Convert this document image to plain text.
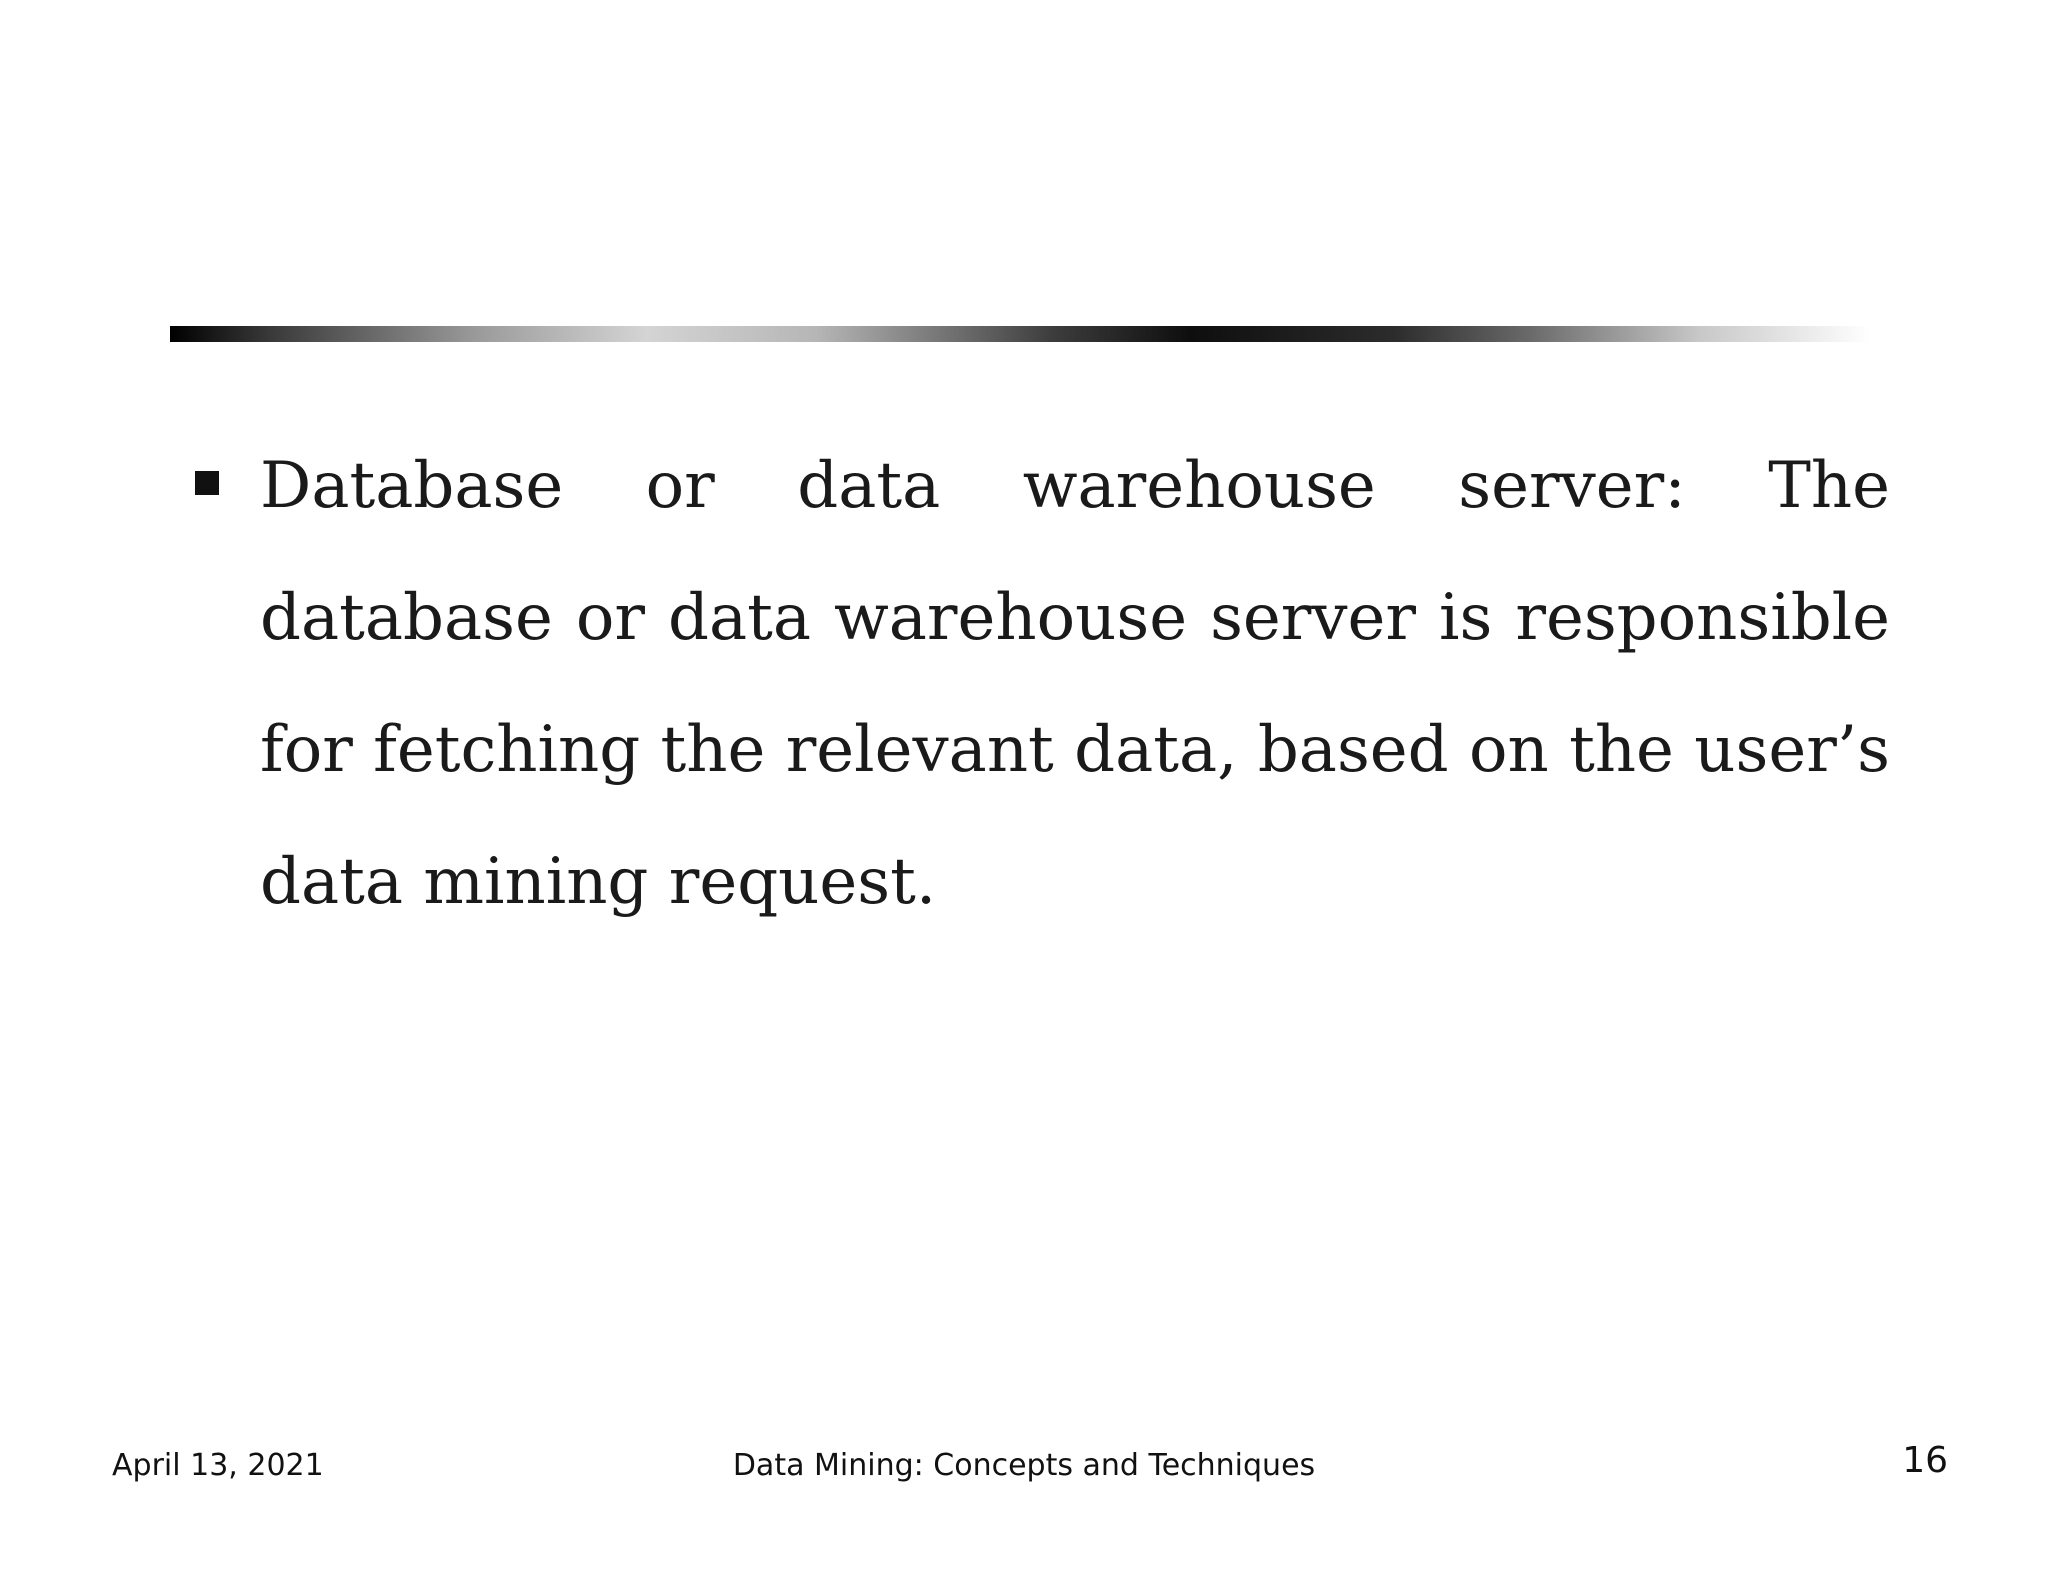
Database or data warehouse server: The database or data warehouse server is responsible for fetching the relevant data, based on the user’s data mining request.

April 13, 2021	Data Mining: Concepts and Techniques	16
